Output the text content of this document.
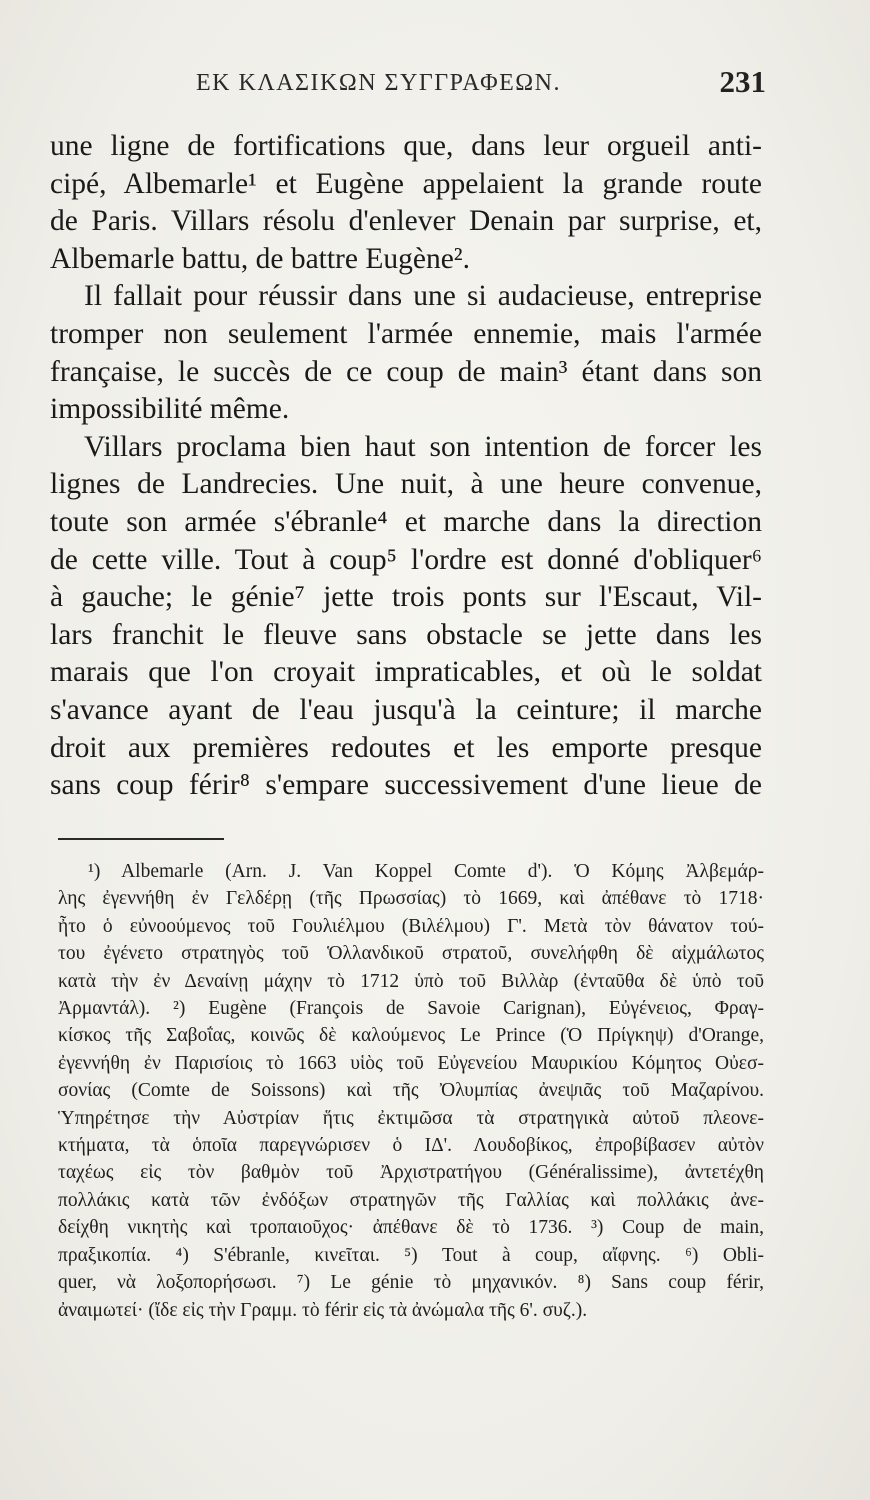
ΕΚ ΚΛΑΣΙΚΩΝ ΣΥΓΓΡΑΦΕΩΝ.	231
une ligne de fortifications que, dans leur orgueil anti-
cipé, Albemarle¹ et Eugène appelaient la grande route
de Paris. Villars résolu d'enlever Denain par surprise, et,
Albemarle battu, de battre Eugène².
Il fallait pour réussir dans une si audacieuse, entreprise
tromper non seulement l'armée ennemie, mais l'armée
française, le succès de ce coup de main³ étant dans son
impossibilité même.
Villars proclama bien haut son intention de forcer les
lignes de Landrecies. Une nuit, à une heure convenue,
toute son armée s'ébranle⁴ et marche dans la direction
de cette ville. Tout à coup⁵ l'ordre est donné d'obliquer⁶
à gauche; le génie⁷ jette trois ponts sur l'Escaut, Vil-
lars franchit le fleuve sans obstacle se jette dans les
marais que l'on croyait impraticables, et où le soldat
s'avance ayant de l'eau jusqu'à la ceinture; il marche
droit aux premières redoutes et les emporte presque
sans coup férir⁸ s'empare successivement d'une lieue de
¹) Albemarle (Arn. J. Van Koppel Comte d'). Ὁ Κόμης Ἀλβεμάρ-
λης ἐγεννήθη ἐν Γελδέρῃ (τῆς Πρωσσίας) τὸ 1669, καὶ ἀπέθανε τὸ 1718·
ἦτο ὁ εὐνοούμενος τοῦ Γουλιέλμου (Βιλέλμου) Γ'. Μετὰ τὸν θάνατον τού-
του ἐγένετο στρατηγὸς τοῦ Ὁλλανδικοῦ στρατοῦ, συνελήφθη δὲ αἰχμάλωτος
κατὰ τὴν ἐν Δεναίνῃ μάχην τὸ 1712 ὑπὸ τοῦ Βιλλὰρ (ἐνταῦθα δὲ ὑπὸ τοῦ
Ἀρμαντάλ). ²) Eugène (François de Savoie Carignan), Εὐγένειος, Φραγ-
κίσκος τῆς Σαβοΐας, κοινῶς δὲ καλούμενος Le Prince (Ὁ Πρίγκηψ) d'Orange,
ἐγεννήθη ἐν Παρισίοις τὸ 1663 υἱὸς τοῦ Εὐγενείου Μαυρικίου Κόμητος Οὐεσ-
σονίας (Comte de Soissons) καὶ τῆς Ὀλυμπίας ἀνεψιᾶς τοῦ Μαζαρίνου.
Ὑπηρέτησε τὴν Αὐστρίαν ἥτις ἐκτιμῶσα τὰ στρατηγικὰ αὐτοῦ πλεονε-
κτήματα, τὰ ὁποῖα παρεγνώρισεν ὁ ΙΔ'. Λουδοβίκος, ἐπροβίβασεν αὐτὸν
ταχέως εἰς τὸν βαθμὸν τοῦ Ἀρχιστρατήγου (Généralissime), ἀντετέχθη
πολλάκις κατὰ τῶν ἐνδόξων στρατηγῶν τῆς Γαλλίας καὶ πολλάκις ἀνε-
δείχθη νικητὴς καὶ τροπαιοῦχος· ἀπέθανε δὲ τὸ 1736. ³) Coup de main,
πραξικοπία. ⁴) S'ébranle, κινεῖται. ⁵) Tout à coup, αἴφνης. ⁶) Obli-
quer, νὰ λοξοπορήσωσι. ⁷) Le génie τὸ μηχανικόν. ⁸) Sans coup férir,
ἀναιμωτεί· (ἴδε εἰς τὴν Γραμμ. τὸ férir εἰς τὰ ἀνώμαλα τῆς 6'. συζ.).
